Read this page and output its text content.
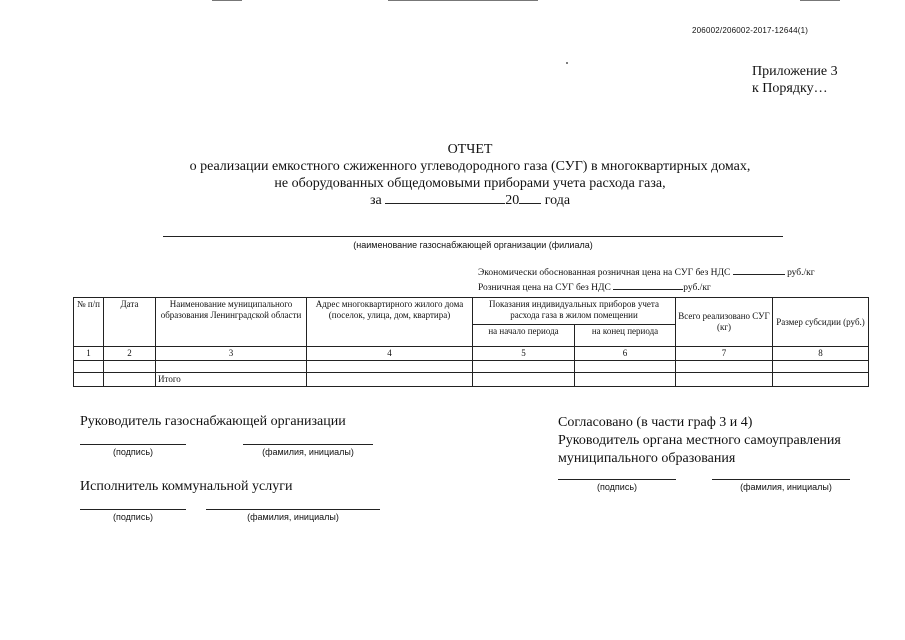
206002/206002-2017-12644(1)
Приложение 3
к Порядку…
ОТЧЕТ
о реализации емкостного сжиженного углеводородного газа (СУГ) в многоквартирных домах,
не оборудованных общедомовыми приборами учета расхода газа,
за	20 года
(наименование газоснабжающей организации (филиала)
Экономически обоснованная розничная цена на СУГ без НДС	руб./кг
Розничная цена на СУГ без НДС	руб./кг
№ п/п	Дата	Наименование муниципального образования Ленинградской области	Адрес многоквартирного жилого дома (поселок, улица, дом, квартира)	Показания индивидуальных приборов учета расхода газа в жилом помещении		Всего реализовано СУГ (кг)	Размер субсидии (руб.)
				на начало периода	на конец периода		
1	2	3	4	5	6	7	8

		Итого					
Руководитель газоснабжающей организации
(подпись)	(фамилия, инициалы)
Исполнитель коммунальной услуги
(подпись)	(фамилия, инициалы)
Согласовано (в части граф 3 и 4)
Руководитель органа местного самоуправления
муниципального образования
(подпись)	(фамилия, инициалы)
